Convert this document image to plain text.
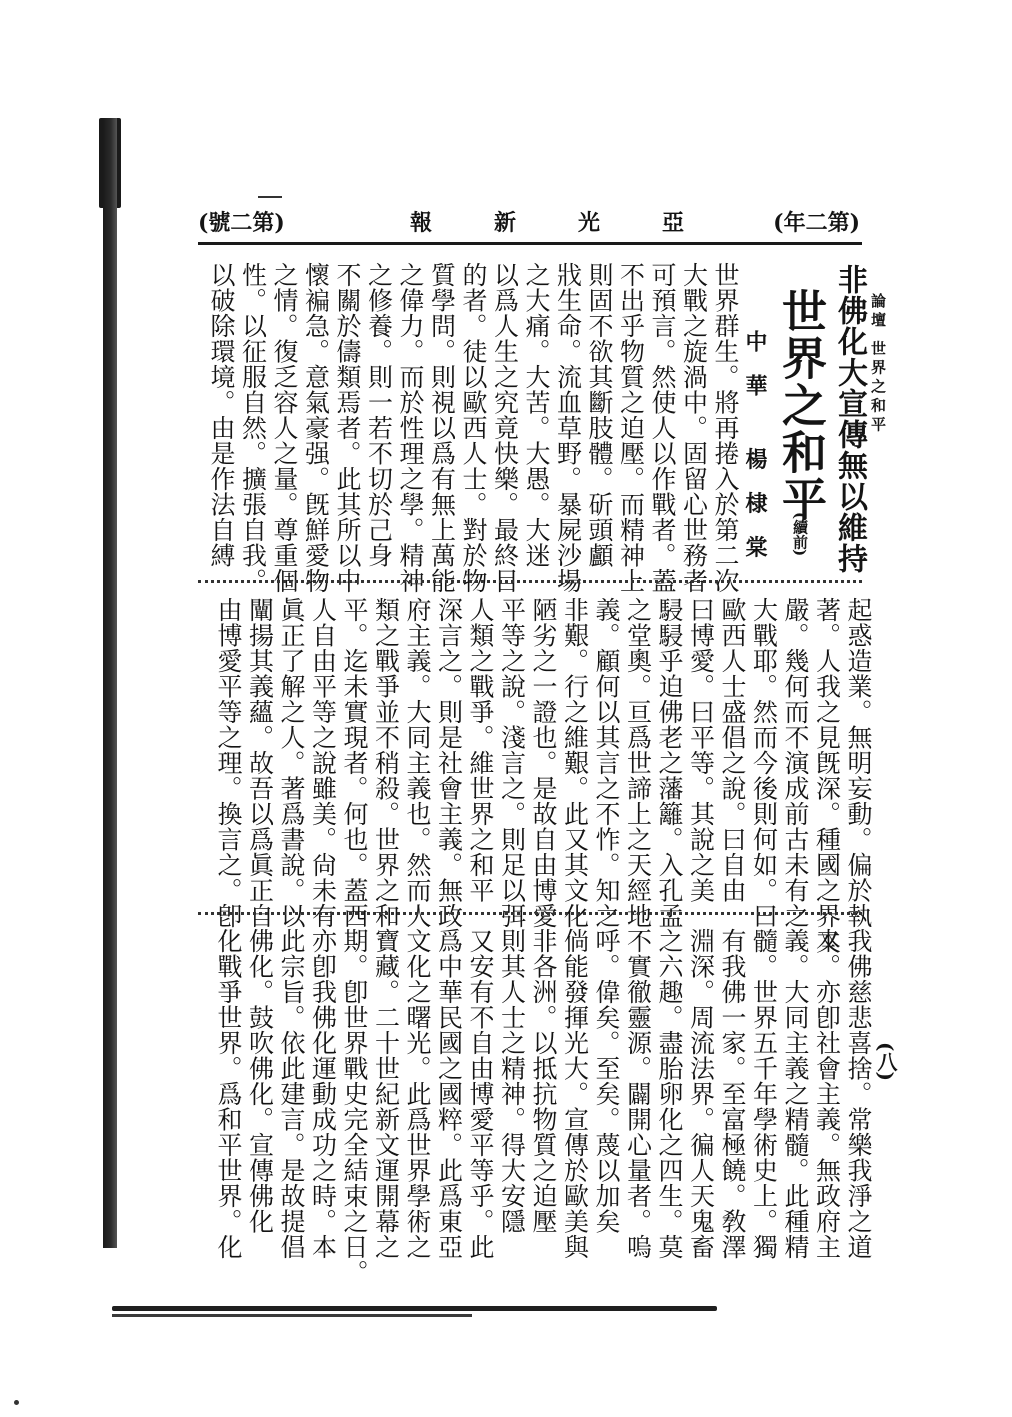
(號二第)	報新光亞 (年二第)
論壇 世界之和平
非佛化大宣傳無以維持
世界之和平
(續前)
中華 楊棣棠
世界群生。將再捲入於第二次
大戰之旋渦中。固留心世務者
可預言。然使人以作戰者。蓋
不出乎物質之迫壓。而精神上
則固不欲其斷肢體。斫頭顱
戕生命。流血草野。暴屍沙場
之大痛。大苦。大愚。大迷
以爲人生之究竟快樂。最終目
的者。徒以歐西人士。對於物
質學問。則視以爲有無上萬能
之偉力。而於性理之學。精神
之修養。則一若不切於己身
不關於儔類焉者。此其所以中
懷褊急。意氣豪强。旣鮮愛物
之情。復乏容人之量。尊重個
性。以征服自然。擴張自我。
以破除環境。由是作法自縛
起惑造業。無明妄動。偏於執
著。人我之見旣深。種國之界又
嚴。幾何而不演成前古未有之
大戰耶。然而今後則何如。曰
歐西人士盛倡之說。曰自由
曰博愛。曰平等。其說之美
駸駸乎迫佛老之藩籬。入孔孟
之堂奧。亘爲世諦上之天經地
義。顧何以其言之不怍。知之
非艱。行之維艱。此又其文化
陋劣之一證也。是故自由博愛
平等之說。淺言之。則足以弭
人類之戰爭。維世界之和平
深言之。則是社會主義。無政
府主義。大同主義也。然而人
類之戰爭並不稍殺。世界之和
平。迄未實現者。何也。蓋西
人自由平等之說雖美。尙未有
眞正了解之人。著爲書說。以
闡揚其義蘊。故吾以爲眞正自
由博愛平等之理。換言之。卽
我佛慈悲喜捨。常樂我淨之道
本。亦卽社會主義。無政府主
義。大同主義之精髓。此種精
髓。世界五千年學術史上。獨
有我佛一家。至富極饒。敎澤
淵深。周流法界。徧人天鬼畜
之六趣。盡胎卵化之四生。莫
不實徹靈源。闢開心量者。嗚
呼。偉矣。至矣。蔑以加矣
倘能發揮光大。宣傳於歐美與
非各洲。以抵抗物質之迫壓
則其人士之精神。得大安隱
又安有不自由博愛平等乎。此
爲中華民國之國粹。此爲東亞
文化之曙光。此爲世界學術之
寶藏。二十世紀新文運開幕之
期。卽世界戰史完全結束之日。
亦卽我佛化運動成功之時。本
此宗旨。依此建言。是故提倡
佛化。鼓吹佛化。宣傳佛化
化戰爭世界。爲和平世界。化	(八)
